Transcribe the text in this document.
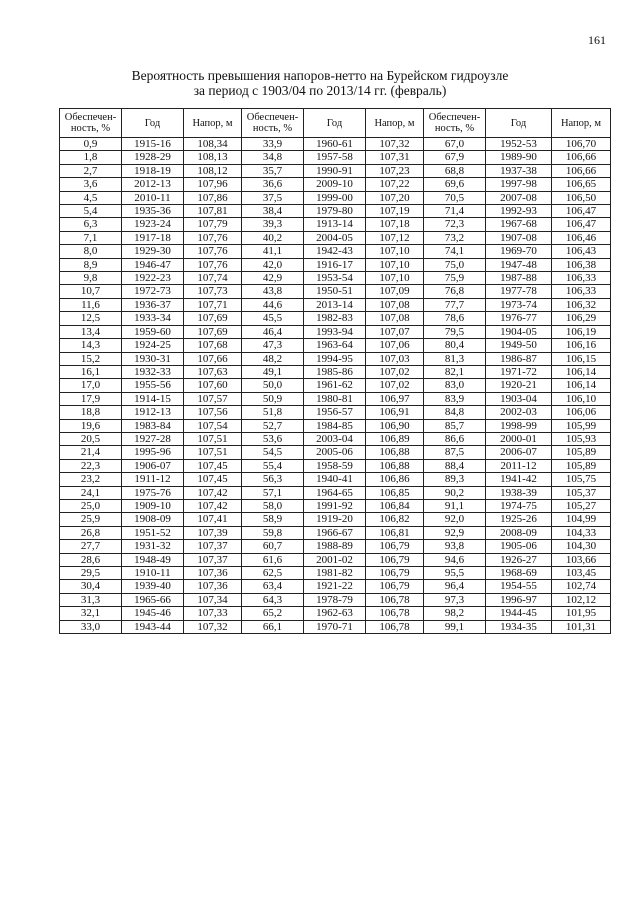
161
Вероятность превышения напоров-нетто на Бурейском гидроузле
за период с 1903/04 по 2013/14 гг. (февраль)
Обеспечен-ность, %	Год	Напор, м	Обеспечен-ность, %	Год	Напор, м	Обеспечен-ность, %	Год	Напор, м
0,9	1915-16	108,34	33,9	1960-61	107,32	67,0	1952-53	106,70
1,8	1928-29	108,13	34,8	1957-58	107,31	67,9	1989-90	106,66
2,7	1918-19	108,12	35,7	1990-91	107,23	68,8	1937-38	106,66
3,6	2012-13	107,96	36,6	2009-10	107,22	69,6	1997-98	106,65
4,5	2010-11	107,86	37,5	1999-00	107,20	70,5	2007-08	106,50
5,4	1935-36	107,81	38,4	1979-80	107,19	71,4	1992-93	106,47
6,3	1923-24	107,79	39,3	1913-14	107,18	72,3	1967-68	106,47
7,1	1917-18	107,76	40,2	2004-05	107,12	73,2	1907-08	106,46
8,0	1929-30	107,76	41,1	1942-43	107,10	74,1	1969-70	106,43
8,9	1946-47	107,76	42,0	1916-17	107,10	75,0	1947-48	106,38
9,8	1922-23	107,74	42,9	1953-54	107,10	75,9	1987-88	106,33
10,7	1972-73	107,73	43,8	1950-51	107,09	76,8	1977-78	106,33
11,6	1936-37	107,71	44,6	2013-14	107,08	77,7	1973-74	106,32
12,5	1933-34	107,69	45,5	1982-83	107,08	78,6	1976-77	106,29
13,4	1959-60	107,69	46,4	1993-94	107,07	79,5	1904-05	106,19
14,3	1924-25	107,68	47,3	1963-64	107,06	80,4	1949-50	106,16
15,2	1930-31	107,66	48,2	1994-95	107,03	81,3	1986-87	106,15
16,1	1932-33	107,63	49,1	1985-86	107,02	82,1	1971-72	106,14
17,0	1955-56	107,60	50,0	1961-62	107,02	83,0	1920-21	106,14
17,9	1914-15	107,57	50,9	1980-81	106,97	83,9	1903-04	106,10
18,8	1912-13	107,56	51,8	1956-57	106,91	84,8	2002-03	106,06
19,6	1983-84	107,54	52,7	1984-85	106,90	85,7	1998-99	105,99
20,5	1927-28	107,51	53,6	2003-04	106,89	86,6	2000-01	105,93
21,4	1995-96	107,51	54,5	2005-06	106,88	87,5	2006-07	105,89
22,3	1906-07	107,45	55,4	1958-59	106,88	88,4	2011-12	105,89
23,2	1911-12	107,45	56,3	1940-41	106,86	89,3	1941-42	105,75
24,1	1975-76	107,42	57,1	1964-65	106,85	90,2	1938-39	105,37
25,0	1909-10	107,42	58,0	1991-92	106,84	91,1	1974-75	105,27
25,9	1908-09	107,41	58,9	1919-20	106,82	92,0	1925-26	104,99
26,8	1951-52	107,39	59,8	1966-67	106,81	92,9	2008-09	104,33
27,7	1931-32	107,37	60,7	1988-89	106,79	93,8	1905-06	104,30
28,6	1948-49	107,37	61,6	2001-02	106,79	94,6	1926-27	103,66
29,5	1910-11	107,36	62,5	1981-82	106,79	95,5	1968-69	103,45
30,4	1939-40	107,36	63,4	1921-22	106,79	96,4	1954-55	102,74
31,3	1965-66	107,34	64,3	1978-79	106,78	97,3	1996-97	102,12
32,1	1945-46	107,33	65,2	1962-63	106,78	98,2	1944-45	101,95
33,0	1943-44	107,32	66,1	1970-71	106,78	99,1	1934-35	101,31
